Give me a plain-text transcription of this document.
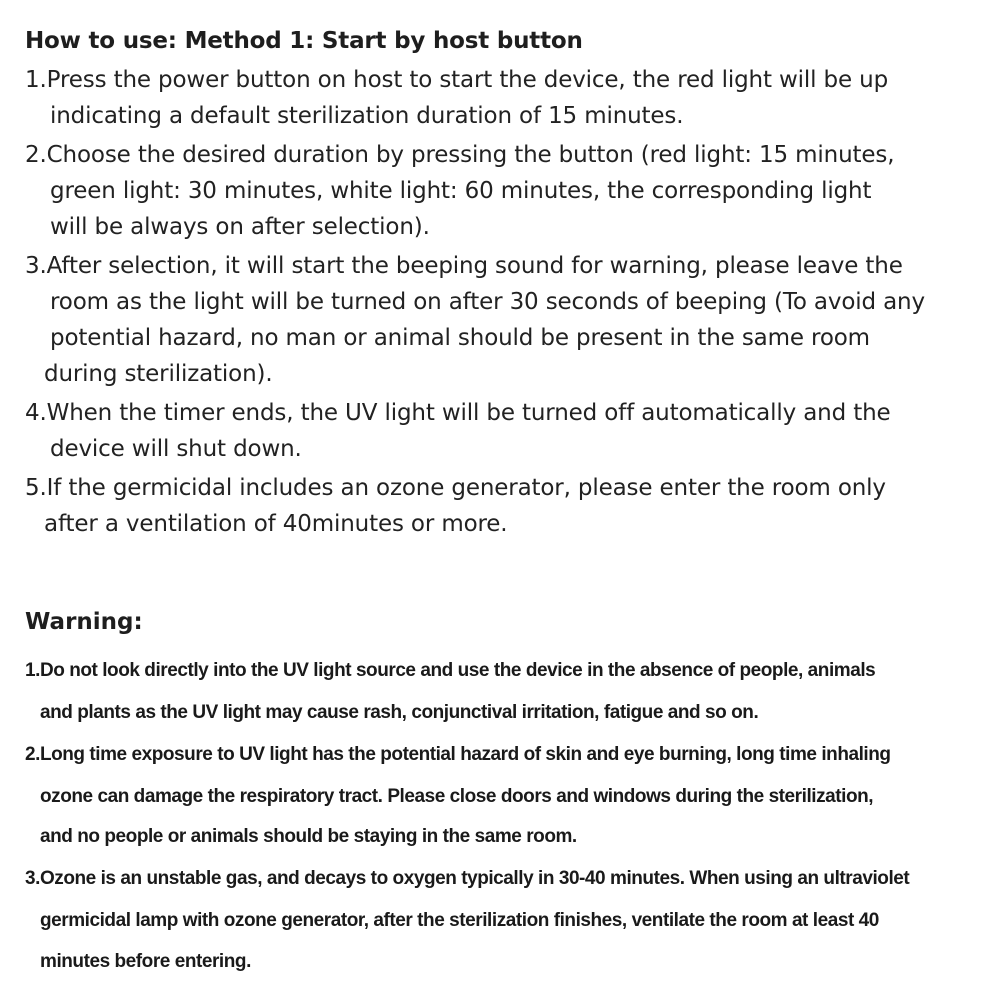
How to use: Method 1: Start by host button
1.Press the power button on host to start the device, the red light will be up
indicating a default sterilization duration of 15 minutes.
2.Choose the desired duration by pressing the button (red light: 15 minutes,
green light: 30 minutes, white light: 60 minutes, the corresponding light
will be always on after selection).
3.After selection, it will start the beeping sound for warning, please leave the
room as the light will be turned on after 30 seconds of beeping (To avoid any
potential hazard, no man or animal should be present in the same room
during sterilization).
4.When the timer ends, the UV light will be turned off automatically and the
device will shut down.
5.If the germicidal includes an ozone generator, please enter the room only
after a ventilation of 40minutes or more.
Warning:
1.Do not look directly into the UV light source and use the device in the absence of people, animals
and plants as the UV light may cause rash, conjunctival irritation, fatigue and so on.
2.Long time exposure to UV light has the potential hazard of skin and eye burning, long time inhaling
ozone can damage the respiratory tract. Please close doors and windows during the sterilization,
and no people or animals should be staying in the same room.
3.Ozone is an unstable gas, and decays to oxygen typically in 30-40 minutes. When using an ultraviolet
germicidal lamp with ozone generator, after the sterilization finishes, ventilate the room at least 40
minutes before entering.
